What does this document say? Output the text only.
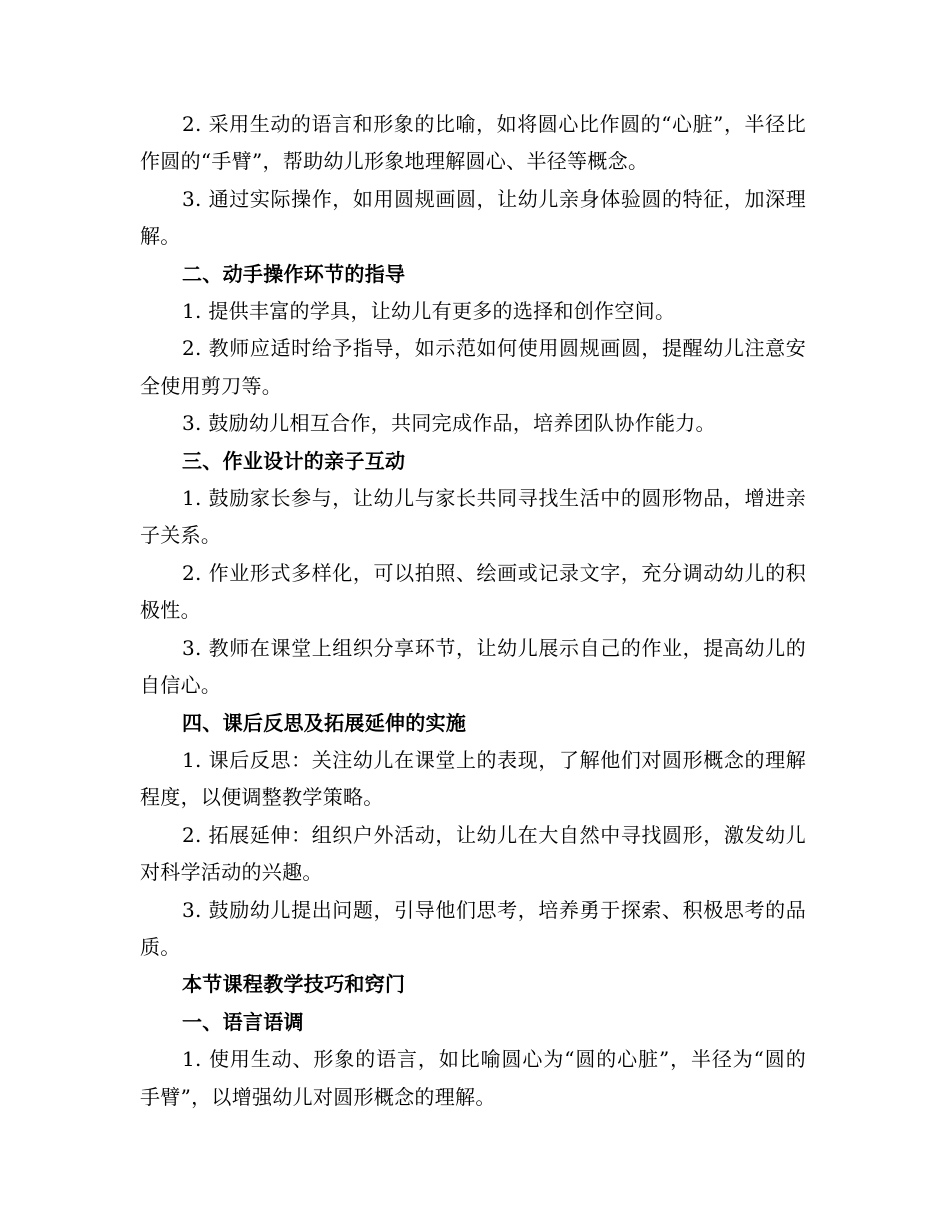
2. 采用生动的语言和形象的比喻，如将圆心比作圆的“心脏”，半径比作圆的“手臂”，帮助幼儿形象地理解圆心、半径等概念。

3. 通过实际操作，如用圆规画圆，让幼儿亲身体验圆的特征，加深理解。

二、动手操作环节的指导

1. 提供丰富的学具，让幼儿有更多的选择和创作空间。

2. 教师应适时给予指导，如示范如何使用圆规画圆，提醒幼儿注意安全使用剪刀等。

3. 鼓励幼儿相互合作，共同完成作品，培养团队协作能力。

三、作业设计的亲子互动

1. 鼓励家长参与，让幼儿与家长共同寻找生活中的圆形物品，增进亲子关系。

2. 作业形式多样化，可以拍照、绘画或记录文字，充分调动幼儿的积极性。

3. 教师在课堂上组织分享环节，让幼儿展示自己的作业，提高幼儿的自信心。

四、课后反思及拓展延伸的实施

1. 课后反思：关注幼儿在课堂上的表现，了解他们对圆形概念的理解程度，以便调整教学策略。

2. 拓展延伸：组织户外活动，让幼儿在大自然中寻找圆形，激发幼儿对科学活动的兴趣。

3. 鼓励幼儿提出问题，引导他们思考，培养勇于探索、积极思考的品质。

本节课程教学技巧和窍门

一、语言语调

1. 使用生动、形象的语言，如比喻圆心为“圆的心脏”，半径为“圆的手臂”，以增强幼儿对圆形概念的理解。
